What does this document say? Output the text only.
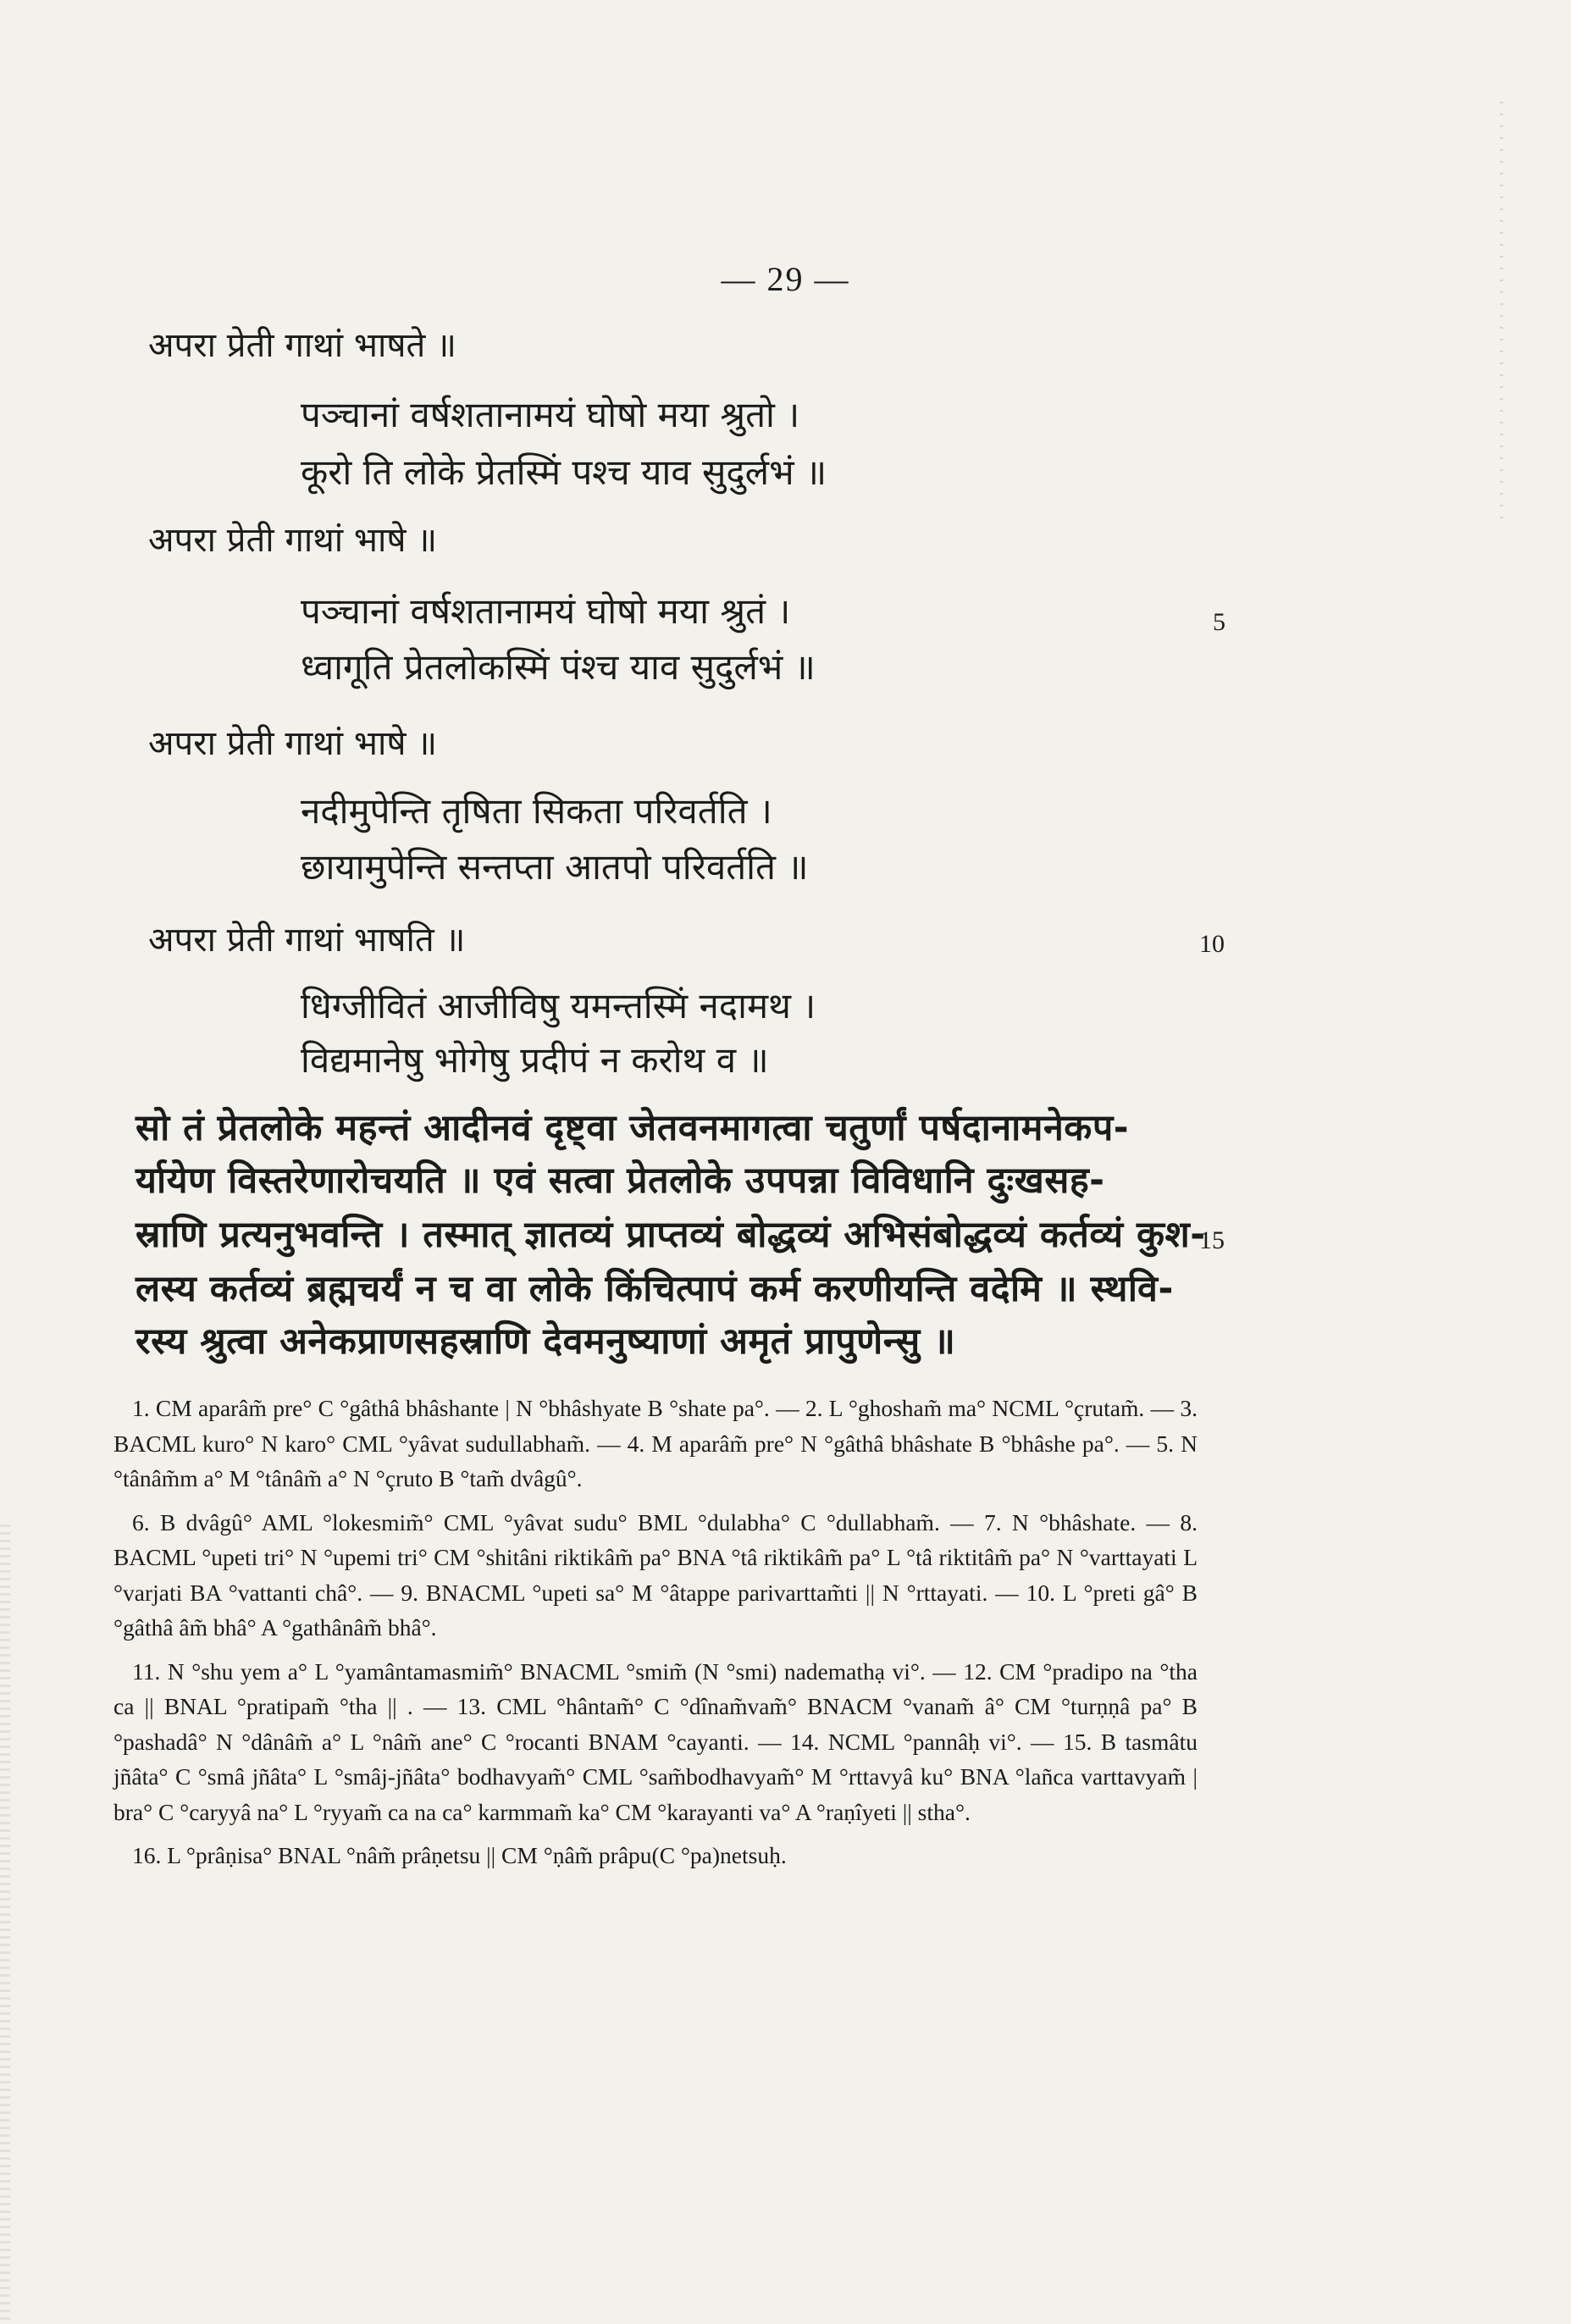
— 29 —
अपरा प्रेती गाथां भाषते ॥
पञ्चानां वर्षशतानामयं घोषो मया श्रुतो ।
कूरो ति लोके प्रेतस्मिं पश्च याव सुदुर्लभं ॥
अपरा प्रेती गाथां भाषे ॥
पञ्चानां वर्षशतानामयं घोषो मया श्रुतं ।
ध्वागूति प्रेतलोकस्मिं पंश्च याव सुदुर्लभं ॥
5
अपरा प्रेती गाथां भाषे ॥
नदीमुपेन्ति तृषिता सिकता परिवर्तति ।
छायामुपेन्ति सन्तप्ता आतपो परिवर्तति ॥
अपरा प्रेती गाथां भाषति ॥	10
धिग्जीवितं आजीविषु यमन्तस्मिं नदामथ ।
विद्यमानेषु भोगेषु प्रदीपं न करोथ व ॥
सो तं प्रेतलोके महन्तं आदीनवं दृष्ट्वा जेतवनमागत्वा चतुर्णां पर्षदानामनेकप-
र्यायेण विस्तरेणारोचयति ॥ एवं सत्वा प्रेतलोके उपपन्ना विविधानि दुःखसह-
स्राणि प्रत्यनुभवन्ति । तस्मात् ज्ञातव्यं प्राप्तव्यं बोद्धव्यं अभिसंबोद्धव्यं कर्तव्यं कुश-
15
लस्य कर्तव्यं ब्रह्मचर्यं न च वा लोके किंचित्पापं कर्म करणीयन्ति वदेमि ॥ स्थवि-
रस्य श्रुत्वा अनेकप्राणसहस्राणि देवमनुष्याणां अमृतं प्रापुणेन्सु ॥

1. CM aparâm̃ pre° C °gâthâ bhâshante | N °bhâshyate B °shate pa°. — 2. L °ghosham̃ ma° NCML °çrutam̃. — 3. BACML kuro° N karo° CML °yâvat sudullabham̃. — 4. M aparâm̃ pre° N °gâthâ bhâshate B °bhâshe pa°. — 5. N °tânâm̃m a° M °tânâm̃ a° N °çruto B °tam̃ dvâgû°.

6. B dvâgû° AML °lokesmim̃° CML °yâvat sudu° BML °dulabha° C °dullabham̃. — 7. N °bhâshate. — 8. BACML °upeti tri° N °upemi tri° CM °shitâni riktikâm̃ pa° BNA °tâ riktikâm̃ pa° L °tâ riktitâm̃ pa° N °varttayati L °varjati BA °vattanti châ°. — 9. BNACML °upeti sa° M °âtappe parivarttam̃ti || N °rttayati. — 10. L °preti gâ° B °gâthâ âm̃ bhâ° A °gathânâm̃ bhâ°.

11. N °shu yem a° L °yamântamasmim̃° BNACML °smim̃ (N °smi) nademathạ vi°. — 12. CM °pradipo na °tha ca || BNAL °pratipam̃ °tha || . — 13. CML °hântam̃° C °dînam̃vam̃° BNACM °vanam̃ â° CM °turṇṇâ pa° B °pashadâ° N °dânâm̃ a° L °nâm̃ ane° C °rocanti BNAM °cayanti. — 14. NCML °pannâḥ vi°. — 15. B tasmâtu jñâta° C °smâ jñâta° L °smâj-jñâta° bodhavyam̃° CML °sam̃bodhavyam̃° M °rttavyâ ku° BNA °lañca varttavyam̃ | bra° C °caryyâ na° L °ryyam̃ ca na ca° karmmam̃ ka° CM °karayanti va° A °raṇîyeti || stha°.

16. L °prâṇisa° BNAL °nâm̃ prâṇetsu || CM °ṇâm̃ prâpu(C °pa)netsuḥ.
